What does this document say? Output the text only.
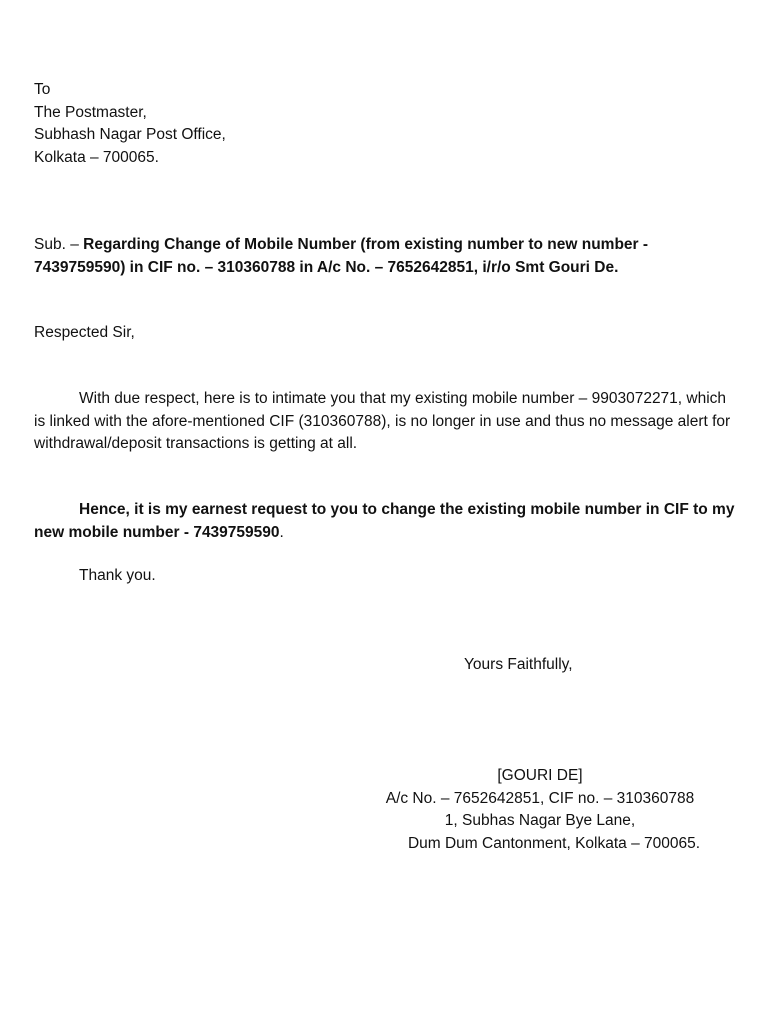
To
The Postmaster,
Subhash Nagar Post Office,
Kolkata – 700065.
Sub. – Regarding Change of Mobile Number (from existing number to new number - 7439759590) in CIF no. – 310360788 in A/c No. – 7652642851, i/r/o Smt Gouri De.
Respected Sir,
With due respect, here is to intimate you that my existing mobile number – 9903072271, which is linked with the afore-mentioned CIF (310360788), is no longer in use and thus no message alert for withdrawal/deposit transactions is getting at all.
Hence, it is my earnest request to you to change the existing mobile number in CIF to my new mobile number - 7439759590.
Thank you.
Yours Faithfully,
[GOURI DE]
A/c No. – 7652642851, CIF no. – 310360788
1, Subhas Nagar Bye Lane,
Dum Dum Cantonment, Kolkata – 700065.
